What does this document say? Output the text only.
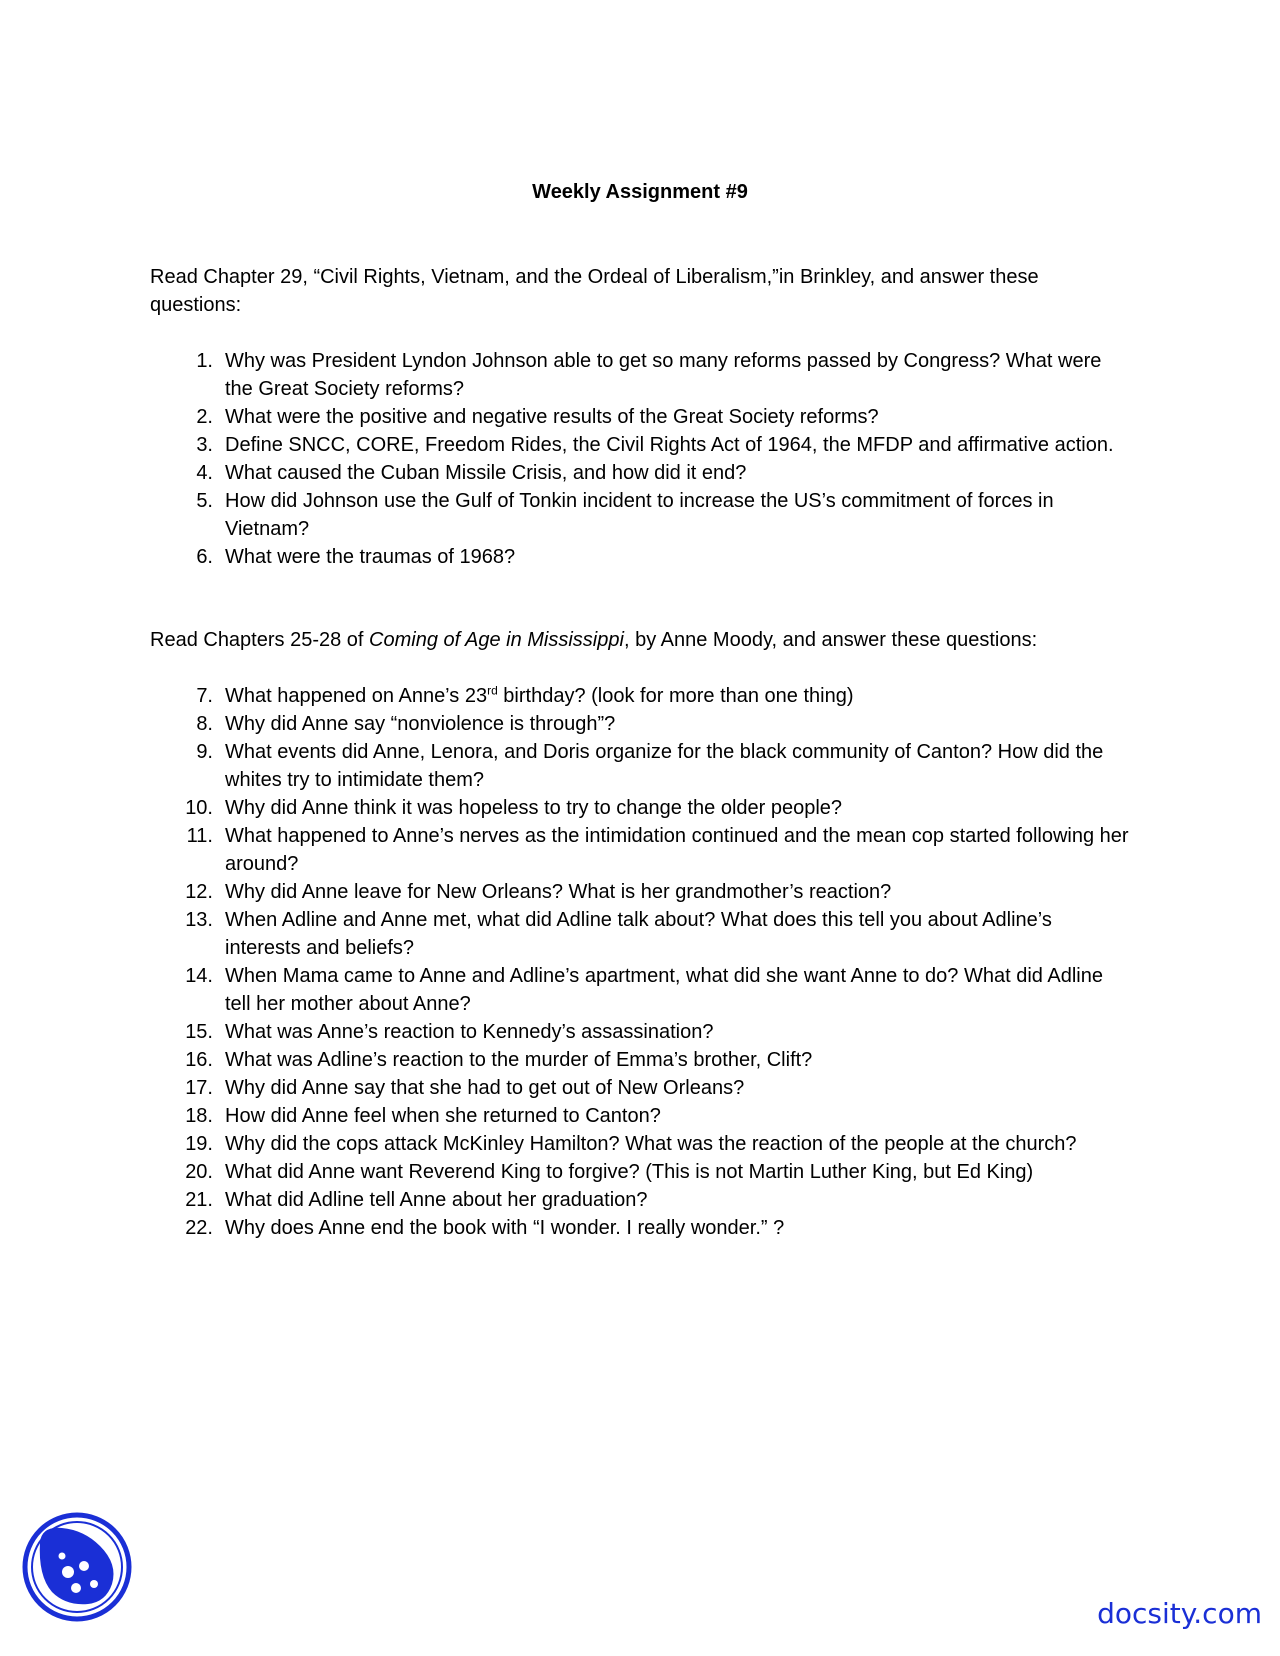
Weekly Assignment #9

Read Chapter 29, “Civil Rights, Vietnam, and the Ordeal of Liberalism,”in Brinkley, and answer these questions:

1. Why was President Lyndon Johnson able to get so many reforms passed by Congress? What were the Great Society reforms?
2. What were the positive and negative results of the Great Society reforms?
3. Define SNCC, CORE, Freedom Rides, the Civil Rights Act of 1964, the MFDP and affirmative action.
4. What caused the Cuban Missile Crisis, and how did it end?
5. How did Johnson use the Gulf of Tonkin incident to increase the US’s commitment of forces in Vietnam?
6. What were the traumas of 1968?

Read Chapters 25-28 of Coming of Age in Mississippi, by Anne Moody, and answer these questions:

7. What happened on Anne’s 23rd birthday? (look for more than one thing)
8. Why did Anne say “nonviolence is through”?
9. What events did Anne, Lenora, and Doris organize for the black community of Canton? How did the whites try to intimidate them?
10. Why did Anne think it was hopeless to try to change the older people?
11. What happened to Anne’s nerves as the intimidation continued and the mean cop started following her around?
12. Why did Anne leave for New Orleans? What is her grandmother’s reaction?
13. When Adline and Anne met, what did Adline talk about? What does this tell you about Adline’s interests and beliefs?
14. When Mama came to Anne and Adline’s apartment, what did she want Anne to do? What did Adline tell her mother about Anne?
15. What was Anne’s reaction to Kennedy’s assassination?
16. What was Adline’s reaction to the murder of Emma’s brother, Clift?
17. Why did Anne say that she had to get out of New Orleans?
18. How did Anne feel when she returned to Canton?
19. Why did the cops attack McKinley Hamilton? What was the reaction of the people at the church?
20. What did Anne want Reverend King to forgive? (This is not Martin Luther King, but Ed King)
21. What did Adline tell Anne about her graduation?
22. Why does Anne end the book with “I wonder. I really wonder.” ?
docsity.com
